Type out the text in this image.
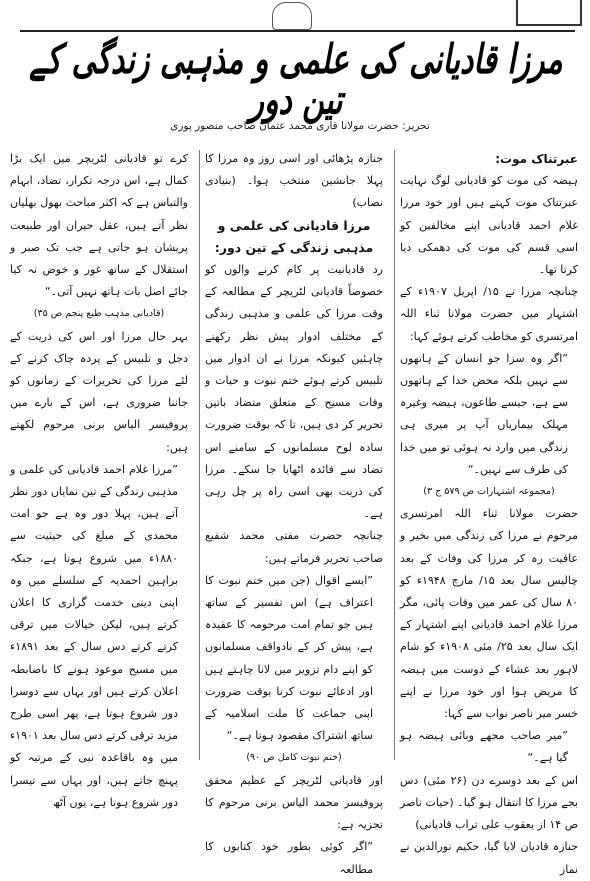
مرزا قادیانی کی علمی و مذہبی زندگی کے تین دور
تحریر: حضرت مولانا قاری محمد عثمان صاحب منصور پوری

عبرتناک موت:

ہیضہ کی موت کو قادیانی لوگ نہایت عبرتناک موت کہتے ہیں اور خود مرزا غلام احمد قادیانی اپنے مخالفین کو اسی قسم کی موت کی دھمکی دیا کرتا تھا۔

چنانچہ مرزا نے ۱۵/ اپریل ۱۹۰۷ء کے اشتہار میں حضرت مولانا ثناء اللہ امرتسری کو مخاطب کرتے ہوئے کہا:

”اگر وہ سزا جو انسان کے ہاتھوں سے نہیں بلکہ محض خدا کے ہاتھوں سے ہے، جیسے طاعون، ہیضہ وغیرہ مہلک بیماریاں آپ پر میری ہی زندگی میں وارد نہ ہوئی تو میں خدا کی طرف سے نہیں۔“

(مجموعہ اشتہارات ص ۵۷۹ ج ۳)

حضرت مولانا ثناء اللہ امرتسری مرحوم نے مرزا کی زندگی میں بخیر و عافیت رہ کر مرزا کی وفات کے بعد چالیس سال بعد ۱۵/ مارچ ۱۹۴۸ء کو ۸۰ سال کی عمر میں وفات پائی، مگر مرزا غلام احمد قادیانی اپنے اشتہار کے ایک سال بعد ۲۵/ مئی ۱۹۰۸ء کو شام لاہور بعد عشاء کے دوست میں ہیضہ کا مریض ہوا اور خود مرزا نے اپنے خسر میر ناصر نواب سے کہا:

”میر صاحب مجھے وبائی ہیضہ ہو گیا ہے۔“

اس کے بعد دوسرے دن (۲۶ مئی) دس بجے مرزا کا انتقال ہو گیا۔ (حیات ناصر ص ۱۴ از یعقوب علی تراب قادیانی)

جنازہ قادیان لایا گیا، حکیم نورالدین نے نماز

جنازہ پڑھائی اور اسی روز وہ مرزا کا پہلا جانشین منتخب ہوا۔ (بنیادی نصاب)

مرزا قادیانی کی علمی و مذہبی زندگی کے تین دور:

رد قادیانیت پر کام کرنے والوں کو خصوصاً قادیانی لٹریچر کے مطالعہ کے وقت مرزا کی علمی و مذہبی زندگی کے مختلف ادوار پیش نظر رکھنے چاہئیں کیونکہ مرزا نے ان ادوار میں تلبیس کرتے ہوئے ختم نبوت و حیات و وفات مسیح کے متعلق متضاد باتیں تحریر کر دی ہیں، تا کہ بوقت ضرورت سادہ لوح مسلمانوں کے سامنے اس تضاد سے فائدہ اٹھایا جا سکے۔ مرزا کی ذریت بھی اسی راہ پر چل رہی ہے۔

چنانچہ حضرت مفتی محمد شفیع صاحب تحریر فرماتے ہیں:

”ایسے اقوال (جن میں ختم نبوت کا اعتراف ہے) اس تفسیر کے ساتھ ہیں جو تمام امت مرحومہ کا عقیدہ ہے، پیش کر کے نادواقف مسلمانوں کو اپنے دام تزویر میں لانا چاہتے ہیں اور ادعائے نبوت کرنا بوقت ضرورت اپنی جماعت کا ملت اسلامیہ کے ساتھ اشتراک مقصود ہوتا ہے۔“

(ختم نبوت کامل ص ۹۰)

اور قادیانی لٹریچر کے عظیم محقق پروفیسر محمد الیاس برنی مرحوم کا تجزیہ ہے:

”اگر کوئی بطور خود کتابوں کا مطالعہ

کرے تو قادیانی لٹریچر میں ایک بڑا کمال ہے، اس درجہ تکرار، تضاد، ابہام والتباس ہے کہ اکثر مباحث بھول بھلیاں نظر آتے ہیں، عقل حیران اور طبیعت پریشان ہو جاتی ہے جب تک صبر و استقلال کے ساتھ غور و خوض نہ کیا جائے اصل بات ہاتھ نہیں آتی۔“

(قادیانی مذہب طبع پنجم ص ۳۵)

بہر حال مرزا اور اس کی ذریت کے دجل و تلبیس کے پردہ چاک کرنے کے لئے مرزا کی تحریرات کے زمانوں کو جاننا ضروری ہے، اس کے بارے میں پروفیسر الیاس برنی مرحوم لکھتے ہیں:

”مرزا غلام احمد قادیانی کی علمی و مذہبی زندگی کے تین نمایاں دور نظر آتے ہیں، پہلا دور وہ ہے جو امت محمدی کے مبلغ کی حیثیت سے ۱۸۸۰ء میں شروع ہوتا ہے، جبکہ براہین احمدیہ کے سلسلے میں وہ اپنی دینی خدمت گزاری کا اعلان کرتے ہیں، لیکن خیالات میں ترقی کرتے کرتے دس سال کے بعد ۱۸۹۱ء میں مسیح موعود ہونے کا باضابطہ اعلان کرتے ہیں اور یہاں سے دوسرا دور شروع ہوتا ہے، پھر اسی طرح مزید ترقی کرتے دس سال بعد ۱۹۰۱ء میں وہ باقاعدہ نبی کے مرتبہ کو پہنچ جاتے ہیں، اور یہاں سے تیسرا دور شروع ہوتا ہے، یوں آٹھ
